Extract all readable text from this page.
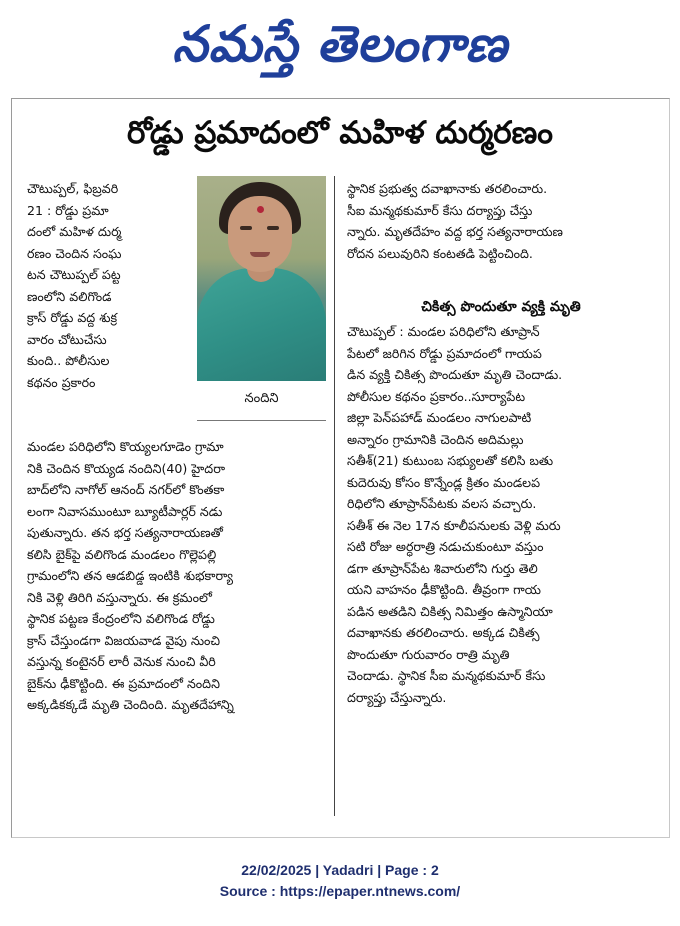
నమస్తే తెలంగాణ
రోడ్డు ప్రమాదంలో మహిళ దుర్మరణం
చౌటుప్పల్, ఫిబ్రవరి
21 : రోడ్డు ప్రమా
దంలో మహిళ దుర్మ
రణం చెందిన సంఘ
టన చౌటుప్పల్ పట్ట
ణంలోని వలిగొండ
క్రాస్ రోడ్డు వద్ద శుక్ర
వారం చోటుచేసు
కుంది.. పోలీసుల
కథనం ప్రకారం
నందిని
మండల పరిధిలోని కొయ్యలగూడెం గ్రామా
నికి చెందిన కొయ్యడ నందిని(40) హైదరా
బాద్‌లోని నాగోల్ ఆనంద్ నగర్‌లో కొంతకా
లంగా నివాసముంటూ బ్యూటీపార్లర్ నడు
పుతున్నారు. తన భర్త సత్యనారాయణతో
కలిసి బైక్‌పై వలిగొండ మండలం గొల్లెపల్లి
గ్రామంలోని తన ఆడబిడ్డ ఇంటికి శుభకార్యా
నికి వెళ్లి తిరిగి వస్తున్నారు. ఈ క్రమంలో
స్థానిక పట్టణ కేంద్రంలోని వలిగొండ రోడ్డు
క్రాస్ చేస్తుండగా విజయవాడ వైపు నుంచి
వస్తున్న కంటైనర్ లారీ వెనుక నుంచి వీరి
బైక్‌ను ఢీకొట్టింది. ఈ ప్రమాదంలో నందిని
అక్కడికక్కడే మృతి చెందింది. మృతదేహాన్ని
స్థానిక ప్రభుత్వ దవాఖానాకు తరలించారు.
సీఐ మన్మథకుమార్ కేసు దర్యాప్తు చేస్తు
న్నారు. మృతదేహం వద్ద భర్త సత్యనారాయణ
రోదన పలువురిని కంటతడి పెట్టించింది.
చికిత్స పొందుతూ వ్యక్తి మృతి
చౌటుప్పల్ : మండల పరిధిలోని తూప్రాన్
పేటలో జరిగిన రోడ్డు ప్రమాదంలో గాయప
డిన వ్యక్తి చికిత్స పొందుతూ మృతి చెందాడు.
పోలీసుల కథనం ప్రకారం..సూర్యాపేట
జిల్లా పెన్‌పహాడ్ మండలం నాగులపాటి
అన్నారం గ్రామానికి చెందిన అదిమల్లు
సతీశ్(21) కుటుంబ సభ్యులతో కలిసి బతు
కుదెరువు కోసం కొన్నేండ్ల క్రితం మండలప
రిధిలోని తూప్రాన్‌పేటకు వలస వచ్చారు.
సతీశ్ ఈ నెల 17న కూలీపనులకు వెళ్లి మరు
సటి రోజు అర్ధరాత్రి నడుచుకుంటూ వస్తుం
డగా తూప్రాన్‌పేట శివారులోని గుర్తు తెలి
యని వాహనం ఢీకొట్టింది. తీవ్రంగా గాయ
పడిన అతడిని చికిత్స నిమిత్తం ఉస్మానియా
దవాఖానకు తరలించారు. అక్కడ చికిత్స
పొందుతూ గురువారం రాత్రి మృతి
చెందాడు. స్థానిక సీఐ మన్మథకుమార్ కేసు
దర్యాప్తు చేస్తున్నారు.
22/02/2025 | Yadadri | Page : 2
Source : https://epaper.ntnews.com/
